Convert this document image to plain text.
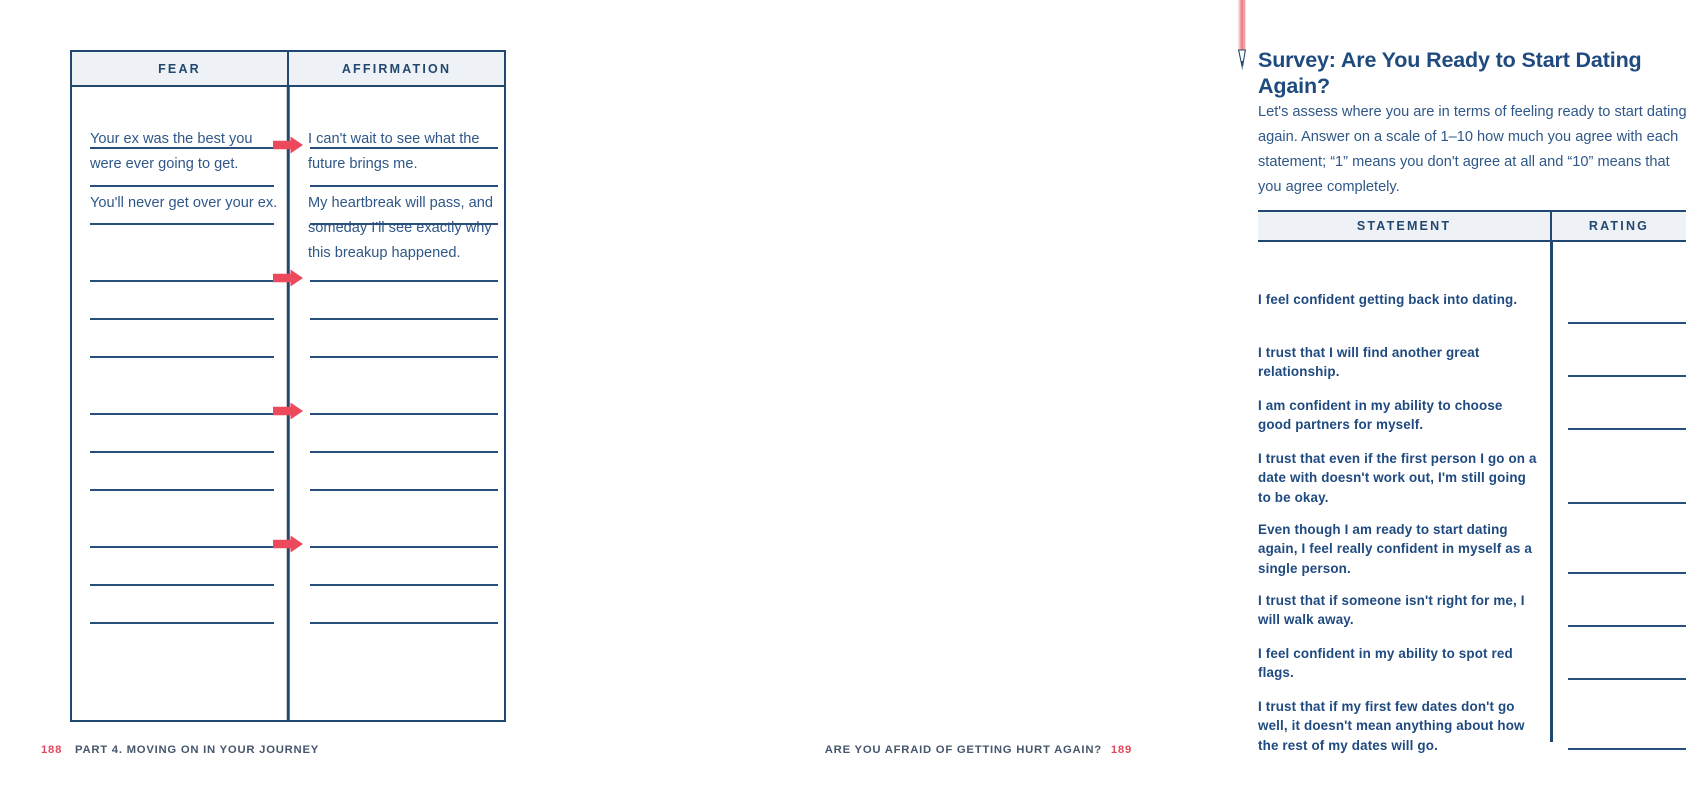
FEAR	AFFIRMATION
Your ex was the best you were ever going to get.
You'll never get over your ex.
I can't wait to see what the future brings me.
My heartbreak will pass, and someday I'll see exactly why this breakup happened.
188 PART 4. MOVING ON IN YOUR JOURNEY
Survey: Are You Ready to Start Dating Again?
Let's assess where you are in terms of feeling ready to start dating again. Answer on a scale of 1–10 how much you agree with each statement; “1” means you don't agree at all and “10” means that you agree completely.
STATEMENT	RATING
I feel confident getting back into dating.
I trust that I will find another great relationship.
I am confident in my ability to choose good partners for myself.
I trust that even if the first person I go on a date with doesn't work out, I'm still going to be okay.
Even though I am ready to start dating again, I feel really confident in myself as a single person.
I trust that if someone isn't right for me, I will walk away.
I feel confident in my ability to spot red flags.
I trust that if my first few dates don't go well, it doesn't mean anything about how the rest of my dates will go.
ARE YOU AFRAID OF GETTING HURT AGAIN? 189
